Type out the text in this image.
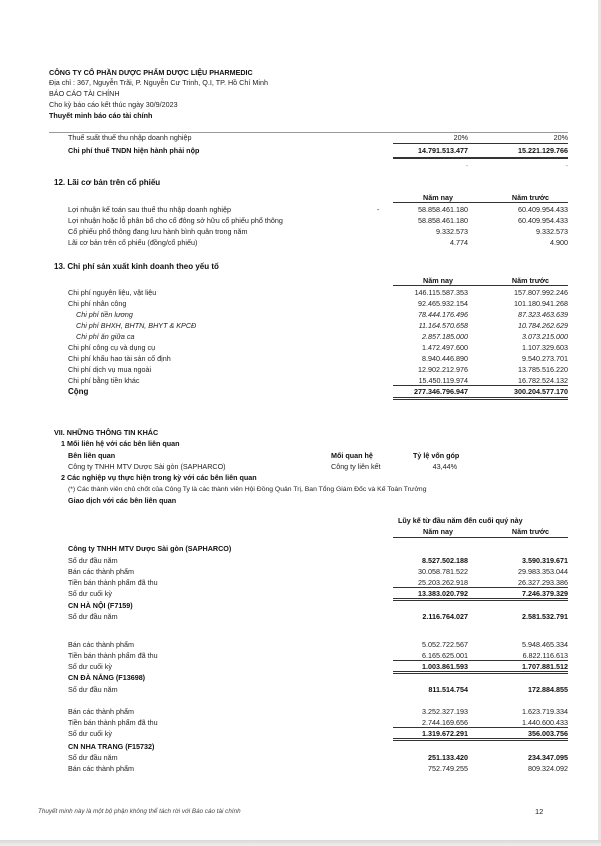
CÔNG TY CỔ PHẦN DƯỢC PHẨM DƯỢC LIỆU PHARMEDIC
Địa chỉ : 367, Nguyễn Trãi, P. Nguyễn Cư Trinh, Q.I, TP. Hồ Chí Minh
BÁO CÁO TÀI CHÍNH
Cho kỳ báo cáo kết thúc ngày 30/9/2023
Thuyết minh báo cáo tài chính
Thuế suất thuế thu nhập doanh nghiệp	20%	20%
Chi phí thuế TNDN hiện hành phải nộp	14.791.513.477	15.221.129.766
-	-
12. Lãi cơ bản trên cổ phiếu
Năm nay	Năm trước
Lợi nhuận kế toán sau thuế thu nhập doanh nghiệp	-	58.858.461.180	60.409.954.433
Lợi nhuận hoặc lỗ phân bổ cho cổ đông sở hữu cổ phiếu phổ thông	58.858.461.180	60.409.954.433
Cổ phiếu phổ thông đang lưu hành bình quân trong năm	9.332.573	9.332.573
Lãi cơ bản trên cổ phiếu (đồng/cổ phiếu)	4.774	4.900
13. Chi phí sản xuất kinh doanh theo yếu tố
Năm nay	Năm trước
Chi phí nguyên liệu, vật liệu	146.115.587.353	157.807.992.246
Chi phí nhân công	92.465.932.154	101.180.941.268
Chi phí tiền lương	78.444.176.496	87.323.463.639
Chi phí BHXH, BHTN, BHYT & KPCĐ	11.164.570.658	10.784.262.629
Chi phí ăn giữa ca	2.857.185.000	3.073.215.000
Chi phí công cụ và dụng cụ	1.472.497.600	1.107.329.603
Chi phí khấu hao tài sản cố định	8.940.446.890	9.540.273.701
Chi phí dịch vụ mua ngoài	12.902.212.976	13.785.516.220
Chi phí bằng tiền khác	15.450.119.974	16.782.524.132
Cộng	277.346.796.947	300.204.577.170
VII. NHỮNG THÔNG TIN KHÁC
1 Mối liên hệ với các bên liên quan
Bên liên quan	Mối quan hệ	Tỷ lệ vốn góp
Công ty TNHH MTV Dược Sài gòn (SAPHARCO)	Công ty liên kết	43,44%
2 Các nghiệp vụ thực hiện trong kỳ với các bên liên quan
(*) Các thành viên chủ chốt của Công Ty là các thành viên Hội Đồng Quản Trị, Ban Tổng Giám Đốc và Kế Toán Trưởng
Giao dịch với các bên liên quan
Lũy kế từ đầu năm đến cuối quý này
Năm nay	Năm trước
Công ty TNHH MTV Dược Sài gòn (SAPHARCO)
Số dư đầu năm	8.527.502.188	3.590.319.671
Bán các thành phẩm	30.058.781.522	29.983.353.044
Tiền bán thành phẩm đã thu	25.203.262.918	26.327.293.386
Số dư cuối kỳ	13.383.020.792	7.246.379.329
CN HÀ NỘI (F7159)
Số dư đầu năm	2.116.764.027	2.581.532.791
Bán các thành phẩm	5.052.722.567	5.948.465.334
Tiền bán thành phẩm đã thu	6.165.625.001	6.822.116.613
Số dư cuối kỳ	1.003.861.593	1.707.881.512
CN ĐÀ NẴNG (F13698)
Số dư đầu năm	811.514.754	172.884.855
Bán các thành phẩm	3.252.327.193	1.623.719.334
Tiền bán thành phẩm đã thu	2.744.169.656	1.440.600.433
Số dư cuối kỳ	1.319.672.291	356.003.756
CN NHA TRANG (F15732)
Số dư đầu năm	251.133.420	234.347.095
Bán các thành phẩm	752.749.255	809.324.092
Thuyết minh này là một bộ phận không thể tách rời với Báo cáo tài chính	12
